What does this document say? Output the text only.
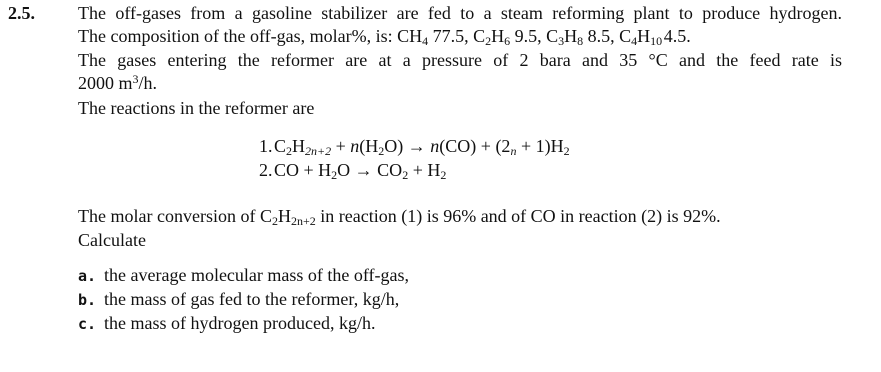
2.5. The off-gases from a gasoline stabilizer are fed to a steam reforming plant to produce hydrogen.
The composition of the off-gas, molar%, is: $CH_4$ 77.5, $C_2H_6$ 9.5, $C_3H_8$ 8.5, $C_4H_{10}$ 4.5.
The gases entering the reformer are at a pressure of 2 bara and 35 °C and the feed rate is
2000 $m^3/h$.
The reactions in the reformer are
1. $C_2H_{2n+2} + n(H_2O) \to n(CO) + (2_n + 1)H_2$
2. CO + $H_2O \to CO_2 + H_2$
The molar conversion of $C_2H_{2n+2}$ in reaction (1) is 96% and of CO in reaction (2) is 92%.
Calculate
a. the average molecular mass of the off-gas,
b. the mass of gas fed to the reformer, kg/h,
c. the mass of hydrogen produced, kg/h.
